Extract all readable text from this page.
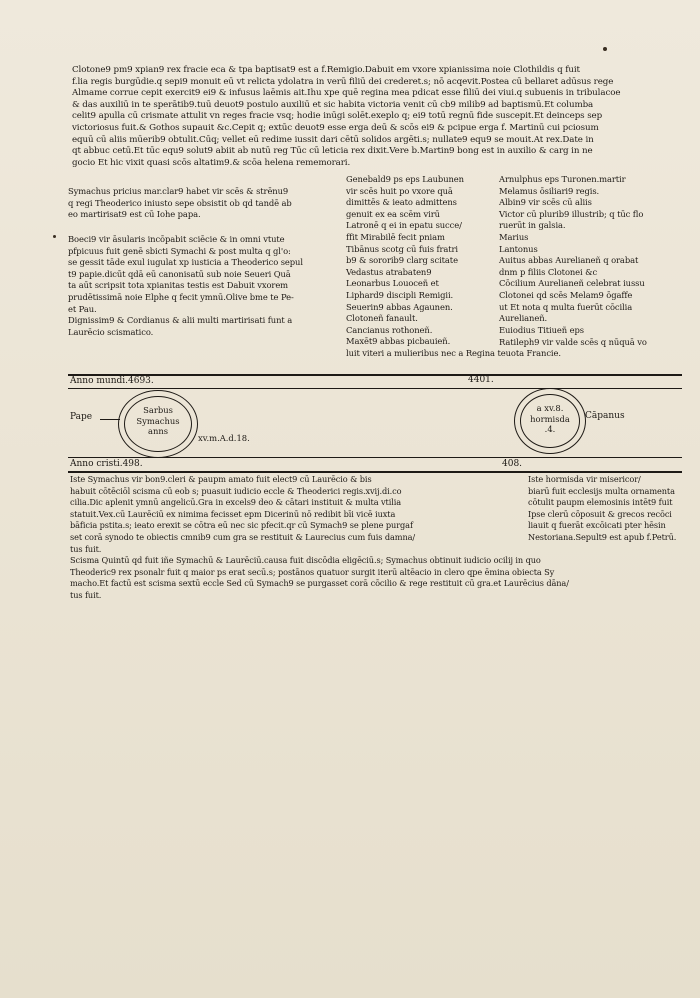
Clotone9 pm9 xpian9 rex fracie eca & tpa baptisat9 est a f.Remigio.Dabuit em vxore xpianissima noie Clothildis q fuit
f.lia regis burgūdie.q sepi9 monuit eū vt relicta ydolatra in verū filiū dei crederet.s; nō acqevit.Postea cū bellaret adūsus rege
Almame corrue cepit exercit9 ei9 & infusus laēmis ait.Ihu xpe quē regina mea pdicat esse filiū dei viui.q subuenis in tribulacoe
& das auxiliū in te sperātib9.tuū deuot9 postulo auxiliū et sic habita victoria venit cū cb9 milib9 ad baptismū.Et columba
celit9 apulla cū crismate attulit vn reges fracie vsq; hodie inūgi solēt.exeplo q; ei9 totū regnū fide suscepit.Et deinceps sep
victoriosus fuit.& Gothos supauit &c.Cepit q; extūc deuot9 esse erga deū & scōs ei9 & pcipue erga f. Martinū cui pciosum
equū cū aliis mūerib9 obtulit.Cūq; vellet eū redime iussit dari cētū solidos argēti.s; nullate9 equ9 se mouit.At rex.Date in
qt abbuc cetū.Et tūc equ9 solut9 abiit ab nutū reg Tūc cū leticia rex dixit.Vere b.Martin9 bong est in auxilio & carg in ne
gocio Et hic vixit quasi scōs altatim9.& scōa helena rememorari.
Symachus pricius mar.clar9 habet vir scēs & strēnu9
q regi Theoderico iniusto sepe obsistit ob qd tandē ab
eo martirisat9 est cū Iohe papa.
Boeci9 vir āsularis incōpabit sciēcie & in omni vtute
pfpicuus fuit genē sbicti Symachi & post multa q gl'o:
se gessit tāde exul iugulat xp iusticia a Theoderico sepul
t9 papie.dicūt qdā eū canonisatū sub noie Seueri Quā
ta aūt scripsit tota xpianitas testis est Dabuit vxorem
prudētissimā noie Elphe q fecit ymnū.Olive bme te Pe-
et Pau.
Dignissim9 & Cordianus & alii multi martirisati funt a
Laurēcio scismatico.
Genebald9 ps eps Laubunen
vir scēs huit po vxore quā
dimittēs & ieato admittens
genuit ex ea scēm virū
Latronē q ei in epatu succe/
ffit Mirabilē fecit pniam
Tibānus scotg cū fuis fratri
b9 & sororib9 clarg scitate
Vedastus atrabaten9
Leonarbus Louoceñ et
Liphard9 discipli Remigii.
Seuerin9 abbas Agaunen.
Clotoneñ fanault.
Cancianus rothoneñ.
Maxēt9 abbas picbauieñ.
luit viteri a mulieribus nec a Regina teuota Francie.
Arnulphus eps Turonen.martir
Melamus ōsiliari9 regis.
Albin9 vir scēs cū aliis
Victor cū plurib9 illustrib; q tūc flo
ruerūt in galsia.
Marius
Lantonus
Auitus abbas Aurelianeñ q orabat
dnm p filiis Clotonei &c
Cōcilium Aurelianeñ celebrat iussu
Clotonei qd scēs Melam9 ōgaffe
ut Et nota q multa fuerūt cōcilia
Aurelianeñ.
Euiodius Titiueñ eps
Ratileph9 vir valde scēs q nūquā vo
Anno mundi.4693.	4401.
Pape
Sarbus
Symachus
anns
xv.m.A.d.18.
a xv.8.
hormisda
.4.
Cāpanus
Anno cristi.498.	408.
Iste Symachus vir bon9.cleri & paupm amato fuit elect9 cū Laurēcio & bis
habuit cōtēciōl scisma cū eob s; puasuit iudicio eccle & Theoderici regis.xvij.di.co
cilia.Dic aplenit ymnū angelicū.Gra in excels9 deo & cātari instituit & multa vtilia
statuit.Vex.cū Laurēciū ex nimima fecisset epm Dicerinū nō redibit bīi vicē iuxta
bāficia pstita.s; ieato erexit se cōtra eū nec sic pfecit.qr cū Symach9 se plene purgaf
set corā synodo te obiectis cmnib9 cum gra se restituit & Laurecius cum fuis damna/
tus fuit.
Iste hormisda vir misericor/
biarū fuit ecclesijs multa ornamenta
cōtulit paupm elemosinis intēt9 fuit
Ipse clerū cōposuit & grecos recōci
liauit q fuerāt excōicati pter hēsin
Nestoriana.Sepult9 est apub f.Petrū.
Scisma Quintū qd fuit iñe Symachū & Laurēciū.causa fuit discōdia eligēciū.s; Symachus obtinuit iudicio ocilij in quo
Theoderic9 rex psonalr fuit q maior ps erat secū.s; postānos quatuor surgit iterū altēacio in clero qpe ēmina obiecta Sy
macho.Et factū est scisma sextū eccle Sed cū Symach9 se purgasset corā cōcilio & rege restituit cū gra.et Laurēcius dāna/
tus fuit.
